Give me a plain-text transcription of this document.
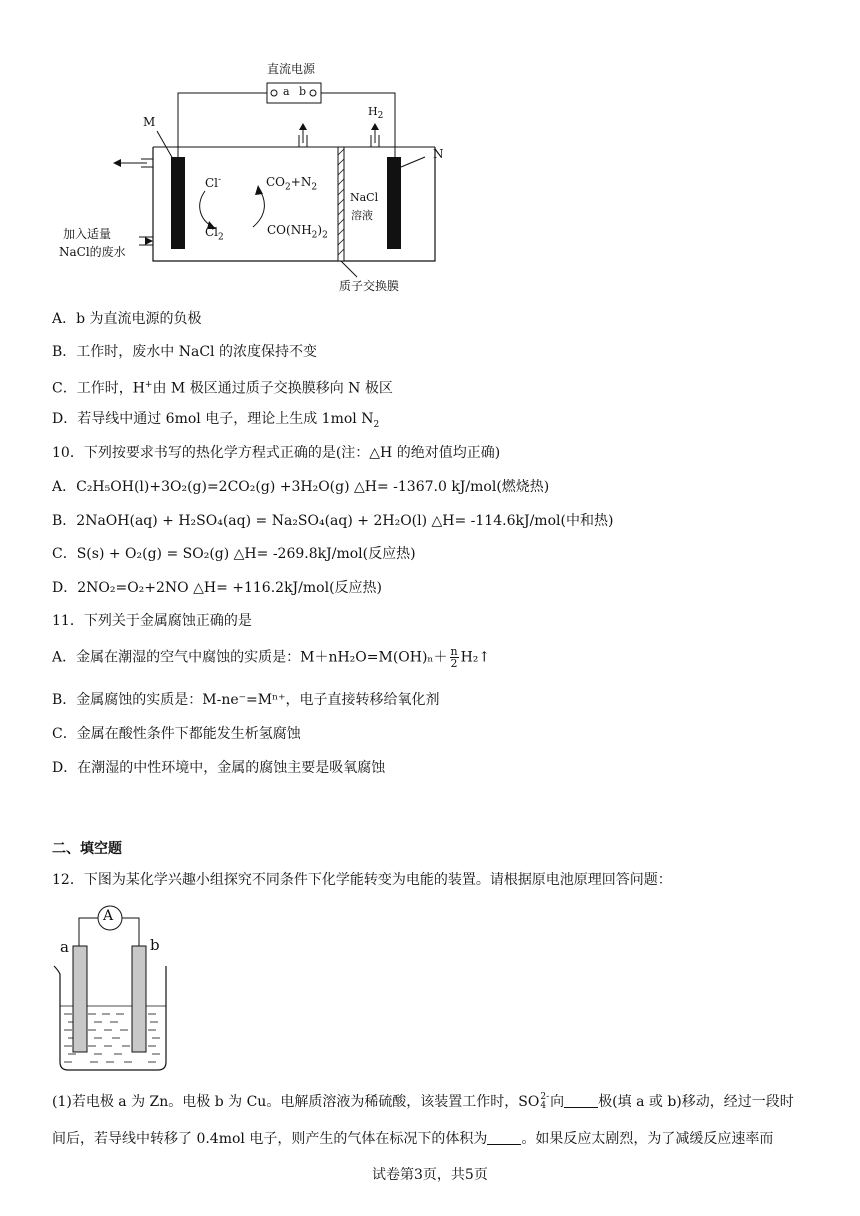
直流电源
a b
M
N
$H_2$
Cl-
$Cl_2$
$CO_2+N_2$
$CO(NH_2)_2$
NaCl
溶液
加入适量
NaCl的废水
质子交换膜
A．b 为直流电源的负极
B．工作时，废水中 NaCl 的浓度保持不变
C．工作时，H+由 M 极区通过质子交换膜移向 N 极区
D．若导线中通过 6mol 电子，理论上生成 1mol $N_2$
10．下列按要求书写的热化学方程式正确的是(注：△H 的绝对值均正确)
A．C₂H₅OH(l)+3O₂(g)=2CO₂(g) +3H₂O(g) △H= -1367.0 kJ/mol(燃烧热)
B．2NaOH(aq) + H₂SO₄(aq) = Na₂SO₄(aq) + 2H₂O(l) △H= -114.6kJ/mol(中和热)
C．S(s) + O₂(g) = SO₂(g) △H= -269.8kJ/mol(反应热)
D．2NO₂=O₂+2NO △H= +116.2kJ/mol(反应热)
11．下列关于金属腐蚀正确的是
A．金属在潮湿的空气中腐蚀的实质是：$M+nH_2O=M(OH)_n+ \frac{n}{2}$ H₂↑
B．金属腐蚀的实质是：M-ne⁻=Mⁿ⁺，电子直接转移给氧化剂
C．金属在酸性条件下都能发生析氢腐蚀
D．在潮湿的中性环境中，金属的腐蚀主要是吸氧腐蚀
二、填空题
12．下图为某化学兴趣小组探究不同条件下化学能转变为电能的装置。请根据原电池原理回答问题：
A
a	b
(1)若电极 a 为 Zn。电极 b 为 Cu。电解质溶液为稀硫酸，该装置工作时，SO 2-
4 向 极(填 a 或 b)移动，经过一段时
间后，若导线中转移了 0.4mol 电子，则产生的气体在标况下的体积为 。如果反应太剧烈，为了减缓反应速率而
试卷第3页，共5页
